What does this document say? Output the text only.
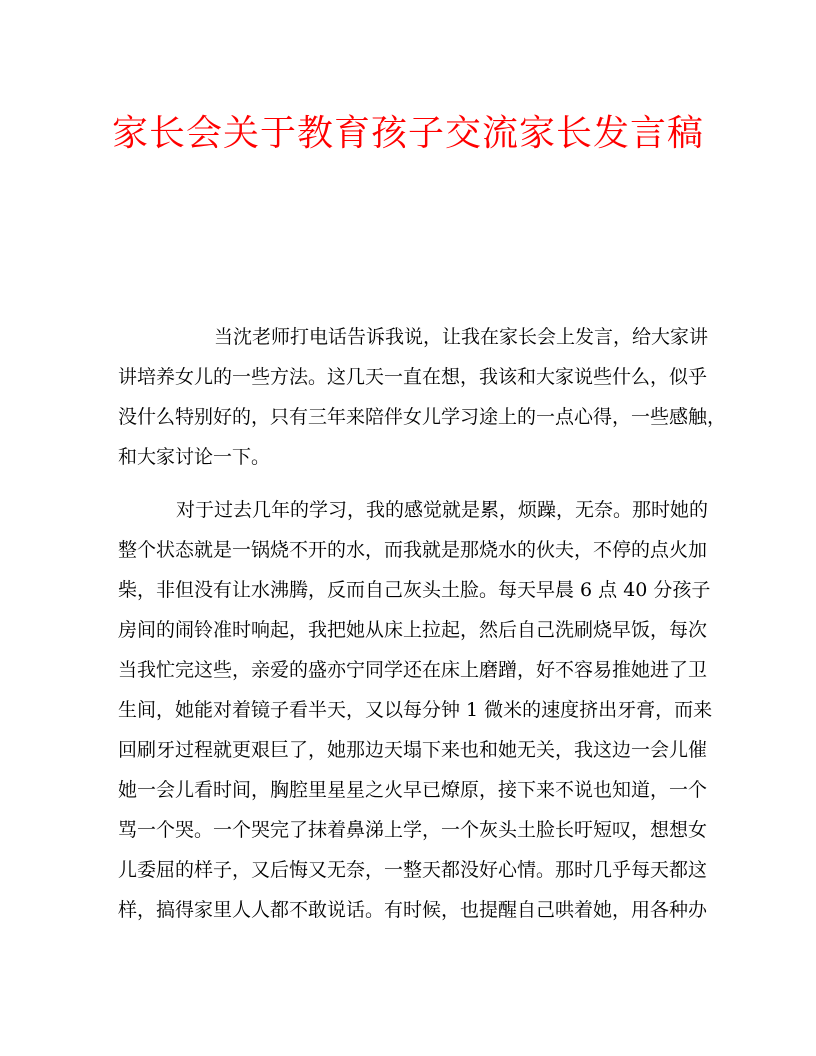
家长会关于教育孩子交流家长发言稿
当沈老师打电话告诉我说，让我在家长会上发言，给大家讲
讲培养女儿的一些方法。这几天一直在想，我该和大家说些什么，似乎
没什么特别好的，只有三年来陪伴女儿学习途上的一点心得，一些感触，
和大家讨论一下。
对于过去几年的学习，我的感觉就是累，烦躁，无奈。那时她的
整个状态就是一锅烧不开的水，而我就是那烧水的伙夫，不停的点火加
柴，非但没有让水沸腾，反而自己灰头土脸。每天早晨 6 点 40 分孩子
房间的闹铃准时响起，我把她从床上拉起，然后自己洗刷烧早饭，每次
当我忙完这些，亲爱的盛亦宁同学还在床上磨蹭，好不容易推她进了卫
生间，她能对着镜子看半天，又以每分钟 1 微米的速度挤出牙膏，而来
回刷牙过程就更艰巨了，她那边天塌下来也和她无关，我这边一会儿催
她一会儿看时间，胸腔里星星之火早已燎原，接下来不说也知道，一个
骂一个哭。一个哭完了抹着鼻涕上学，一个灰头土脸长吁短叹，想想女
儿委屈的样子，又后悔又无奈，一整天都没好心情。那时几乎每天都这
样，搞得家里人人都不敢说话。有时候，也提醒自己哄着她，用各种办
